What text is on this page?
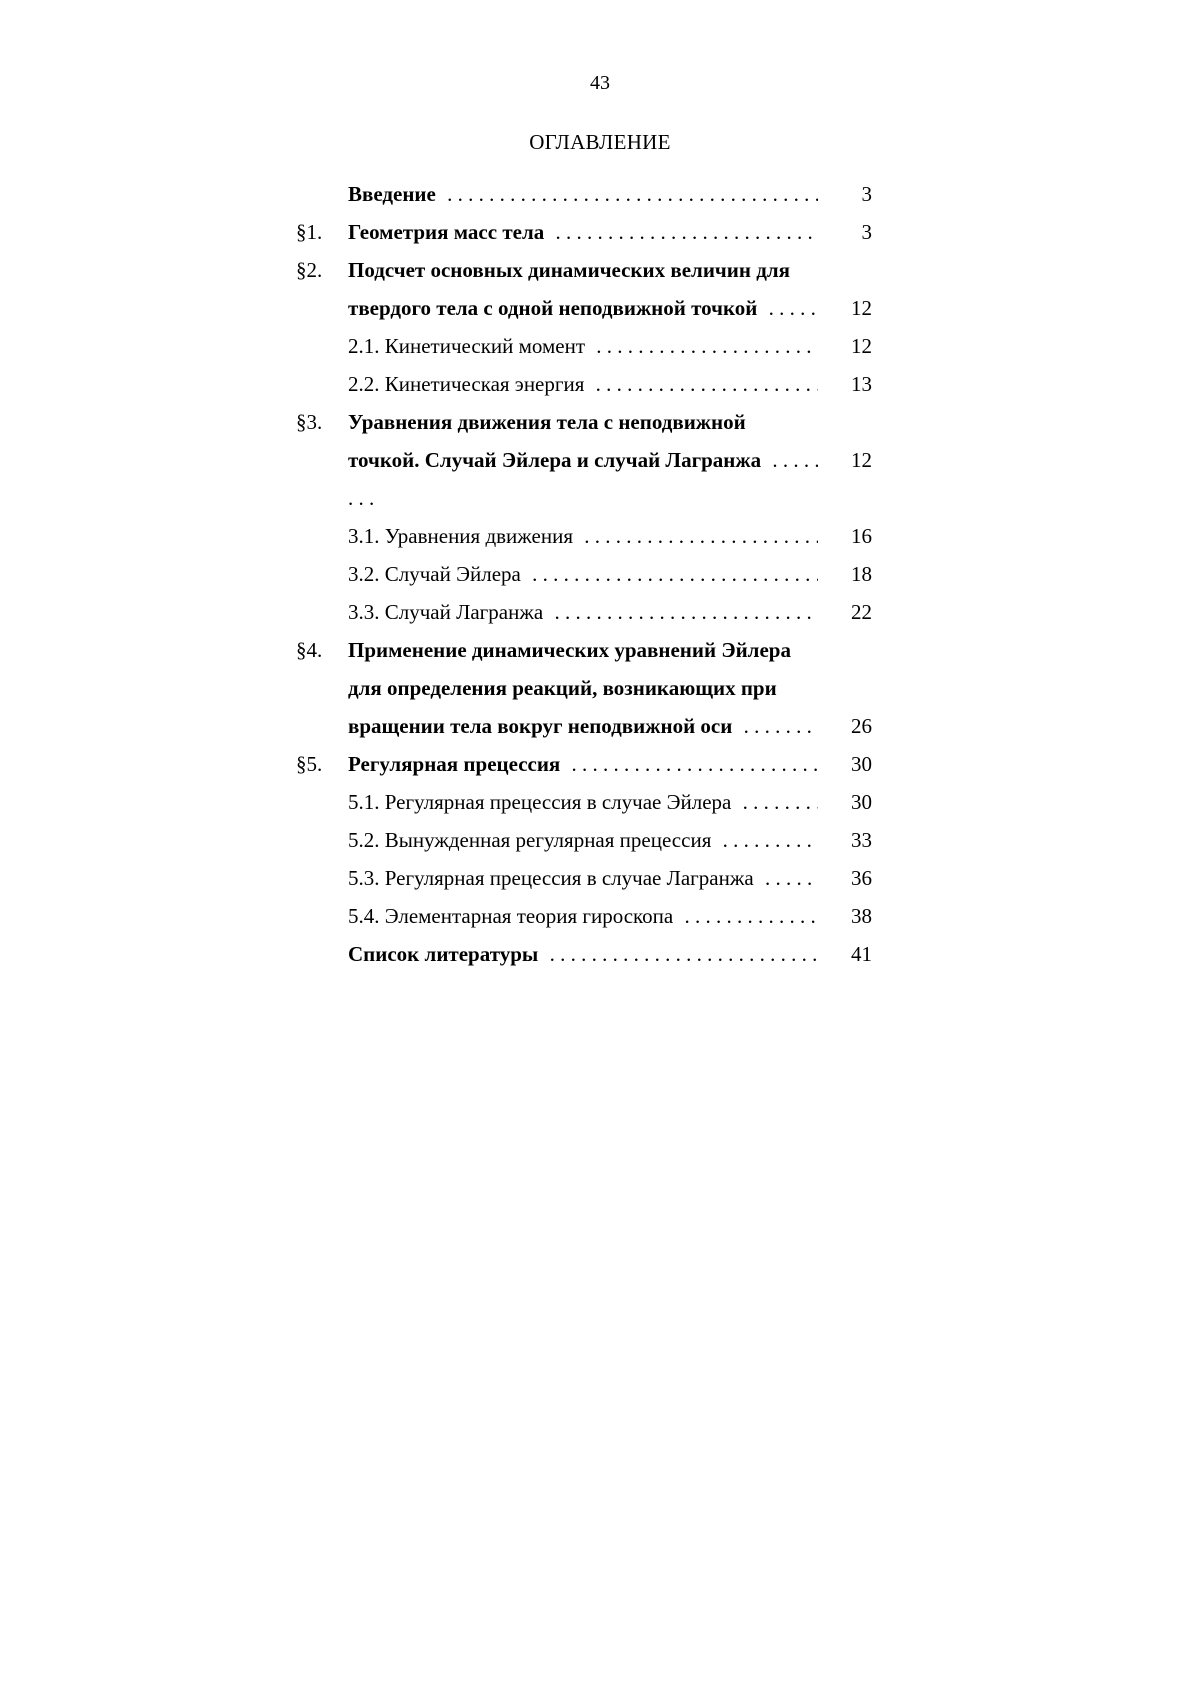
43
ОГЛАВЛЕНИЕ
Введение . . .	3
§1. Геометрия масс тела . . .	3
§2. Подсчет основных динамических величин для
твердого тела с одной неподвижной точкой . . .	12
2.1. Кинетический момент . . .	12
2.2. Кинетическая энергия . . .	13
§3. Уравнения движения тела с неподвижной
точкой. Случай Эйлера и случай Лагранжа . . .	12
. . .
3.1. Уравнения движения . . .	16
3.2. Случай Эйлера . . .	18
3.3. Случай Лагранжа . . .	22
§4. Применение динамических уравнений Эйлера
для определения реакций, возникающих при
вращении тела вокруг неподвижной оси . . .	26
§5. Регулярная прецессия . . .	30
5.1. Регулярная прецессия в случае Эйлера . . .	30
5.2. Вынужденная регулярная прецессия . . .	33
5.3. Регулярная прецессия в случае Лагранжа . . .	36
5.4. Элементарная теория гироскопа . . .	38
Список литературы . . .	41
